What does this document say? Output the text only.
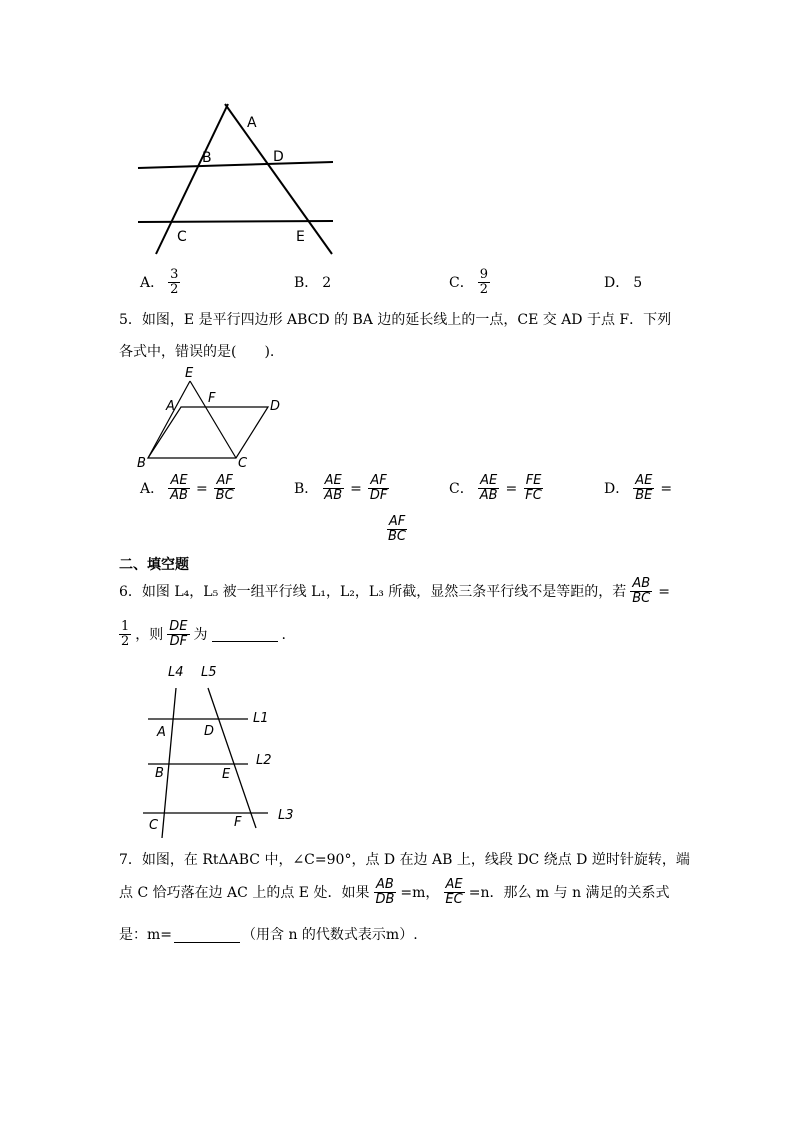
A
B	D
C	E
A． $\frac{3}{2}$	B． 2	C． $\frac{9}{2}$	D． 5
5．如图，E 是平行四边形 ABCD 的 BA 边的延长线上的一点，CE 交 AD 于点 F．下列
各式中，错误的是(　　).
E
A
F
D
B	C
A． $\frac{AE}{AB} = \frac{AF}{BC}$	B． $\frac{AE}{AB} = \frac{AF}{DF}$	C． $\frac{AE}{AB} = \frac{FE}{FC}$	D． $\frac{AE}{BE}$ =
$\frac{AF}{BC}$
二、填空题
6．如图 L₄，L₅ 被一组平行线 L₁，L₂，L₃ 所截，显然三条平行线不是等距的，若 $\frac{AB}{BC}$ =
$\frac{1}{2}$ ，则 $\frac{DE}{DF}$ 为	.
L4 L5
L1
L2
L3
A	D
B	E
C	F
7．如图，在 RtΔABC 中，∠C=90°，点 D 在边 AB 上，线段 DC 绕点 D 逆时针旋转，端
点 C 恰巧落在边 AC 上的点 E 处．如果 $\frac{AB}{DB} =m$， $\frac{AE}{EC} =n$．那么 m 与 n 满足的关系式
是：m=	（用含 n 的代数式表示m）.
